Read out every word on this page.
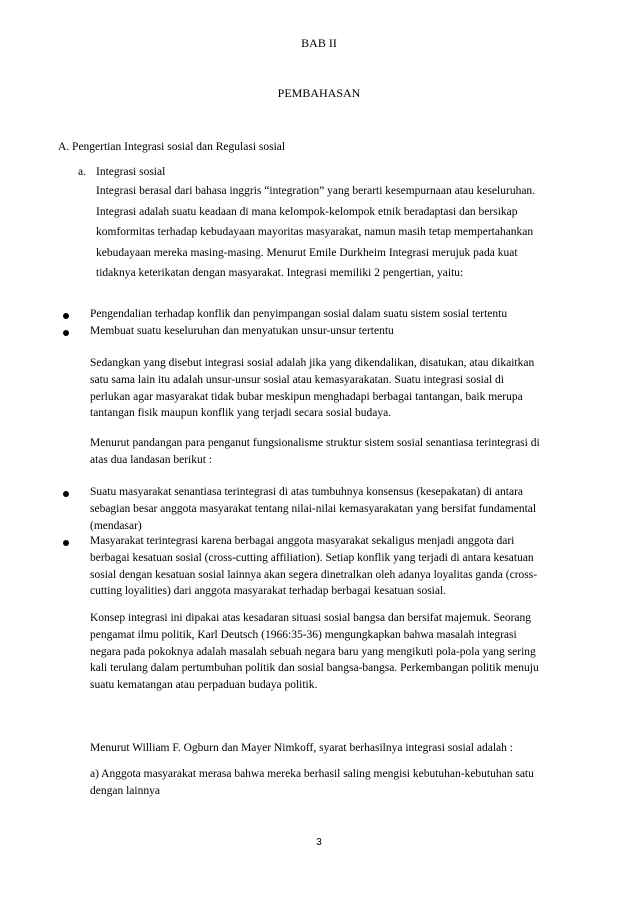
BAB II
PEMBAHASAN
A. Pengertian Integrasi sosial dan Regulasi sosial
a. Integrasi sosial

Integrasi berasal dari bahasa inggris “integration” yang berarti kesempurnaan atau keseluruhan.

Integrasi adalah suatu keadaan di mana kelompok-kelompok etnik beradaptasi dan bersikap

komformitas terhadap kebudayaan mayoritas masyarakat, namun masih tetap mempertahankan

kebudayaan mereka masing-masing. Menurut Emile Durkheim Integrasi merujuk pada kuat

tidaknya keterikatan dengan masyarakat. Integrasi memiliki 2 pengertian, yaitu:

Pengendalian terhadap konflik dan penyimpangan sosial dalam suatu sistem sosial tertentu
Membuat suatu keseluruhan dan menyatukan unsur-unsur tertentu

Sedangkan yang disebut integrasi sosial adalah jika yang dikendalikan, disatukan, atau dikaitkan

satu sama lain itu adalah unsur-unsur sosial atau kemasyarakatan. Suatu integrasi sosial di

perlukan agar masyarakat tidak bubar meskipun menghadapi berbagai tantangan, baik merupa

tantangan fisik maupun konflik yang terjadi secara sosial budaya.

Menurut pandangan para penganut fungsionalisme struktur sistem sosial senantiasa terintegrasi di

atas dua landasan berikut :

Suatu masyarakat senantiasa terintegrasi di atas tumbuhnya konsensus (kesepakatan) di antara

sebagian besar anggota masyarakat tentang nilai-nilai kemasyarakatan yang bersifat fundamental

(mendasar)

Masyarakat terintegrasi karena berbagai anggota masyarakat sekaligus menjadi anggota dari

berbagai kesatuan sosial (cross-cutting affiliation). Setiap konflik yang terjadi di antara kesatuan

sosial dengan kesatuan sosial lainnya akan segera dinetralkan oleh adanya loyalitas ganda (cross-

cutting loyalities) dari anggota masyarakat terhadap berbagai kesatuan sosial.

Konsep integrasi ini dipakai atas kesadaran situasi sosial bangsa dan bersifat majemuk. Seorang

pengamat ilmu politik, Karl Deutsch (1966:35-36) mengungkapkan bahwa masalah integrasi

negara pada pokoknya adalah masalah sebuah negara baru yang mengikuti pola-pola yang sering

kali terulang dalam pertumbuhan politik dan sosial bangsa-bangsa. Perkembangan politik menuju

suatu kematangan atau perpaduan budaya politik.

Menurut William F. Ogburn dan Mayer Nimkoff, syarat berhasilnya integrasi sosial adalah :

a) Anggota masyarakat merasa bahwa mereka berhasil saling mengisi kebutuhan-kebutuhan satu

dengan lainnya

3
